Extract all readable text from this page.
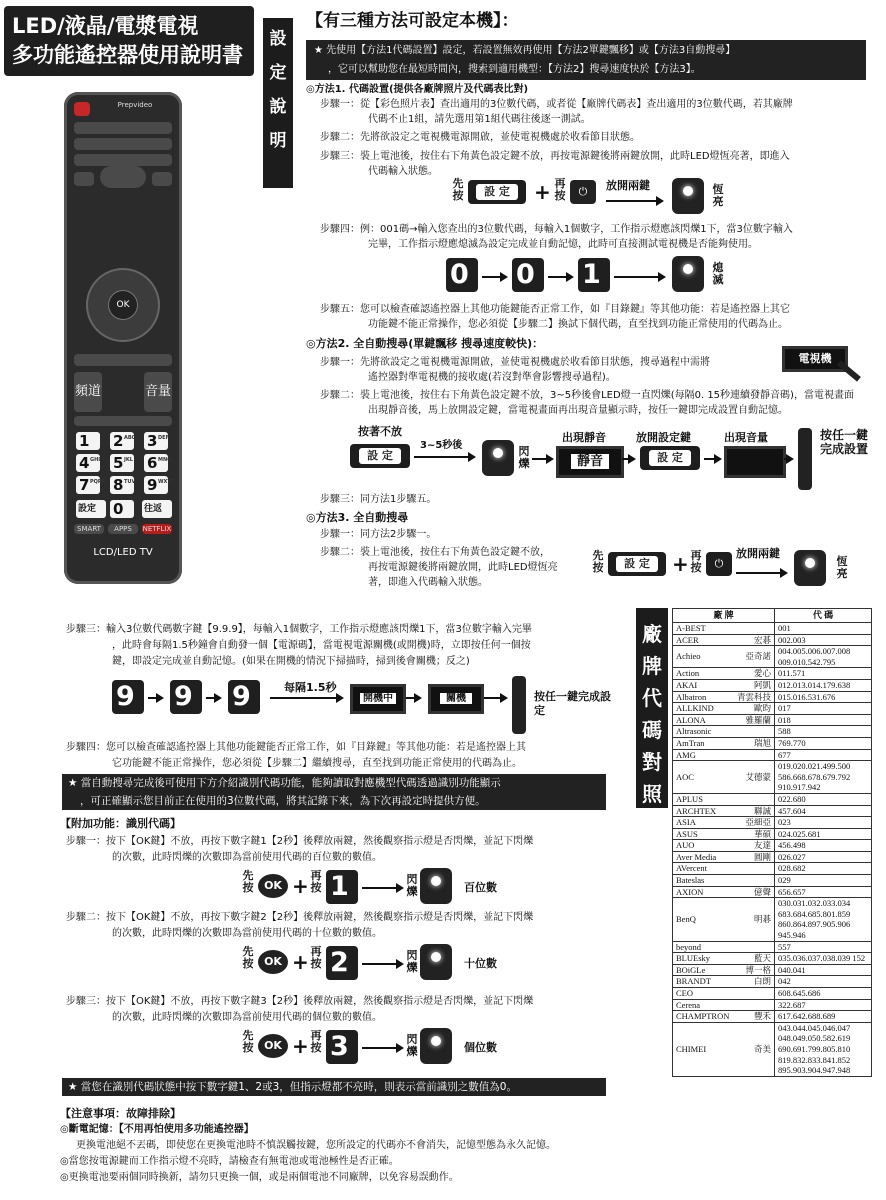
LED/液晶/電漿電視
多功能遙控器使用說明書
Prepvideo
OK
頻道	音量
1	2 ABC 3 DEF
4 GHI 5 JKL 6 MNO
7 PQRS 8 TUV 9 WXYZ
設定	0	往返
SMART	APPS	NETFLIX
LCD/LED TV
設
定
說
明
【有三種方法可設定本機】：
★ 先使用【方法1代碼設置】設定，若設置無效再使用【方法2單鍵飄移】或【方法3自動搜尋】
，它可以幫助您在最短時間內，搜索到適用機型：【方法2】搜尋速度快於【方法3】。
◎方法1. 代碼設置(提供各廠牌照片及代碼表比對)
步驟一：從【彩色照片表】查出適用的3位數代碼，或者從【廠牌代碼表】查出適用的3位數代碼，若其廠牌
代碼不止1組，請先選用第1組代碼往後逐一測試。
步驟二：先將欲設定之電視機電源開啟，並使電視機處於收看節目狀態。
步驟三：裝上電池後，按住右下角黃色設定鍵不放，再按電源鍵後將兩鍵放開，此時LED燈恆亮著，即進入
代碼輸入狀態。
先按	設 定	+ 再按	⏻	放開兩鍵	恆亮
步驟四：例：001碼→輸入您查出的3位數代碼，每輸入1個數字，工作指示燈應該閃爍1下，當3位數字輸入
完畢，工作指示燈應熄滅為設定完成並自動記憶，此時可直接測試電視機是否能夠使用。
0	0	1	熄滅
步驟五：您可以檢查確認遙控器上其他功能鍵能否正常工作，如『目錄鍵』等其他功能：若是遙控器上其它
功能鍵不能正常操作，您必須從【步驟二】換試下個代碼，直至找到功能正常使用的代碼為止。
◎方法2. 全自動搜尋(單鍵飄移 搜尋速度較快)：
電視機
步驟一：先將欲設定之電視機電源開啟，並使電視機處於收看節目狀態，搜尋過程中需將
遙控器對準電視機的接收處(若沒對準會影響搜尋過程)。
步驟二：裝上電池後，按住右下角黃色設定鍵不放，3~5秒後會LED燈一直閃爍(每隔0. 15秒連續發靜音碼)，當電視畫面
出現靜音後，馬上放開設定鍵，當電視畫面再出現音量顯示時，按任一鍵即完成設置自動記憶。
按著不放
設 定
3~5秒後	閃爍
出現靜音
靜音
放開設定鍵
設 定
出現音量	按任一鍵完成設置
步驟三：同方法1步驟五。
◎方法3. 全自動搜尋
步驟一：同方法2步驟一。
步驟二：裝上電池後，按住右下角黃色設定鍵不放，
再按電源鍵後將兩鍵放開，此時LED燈恆亮
著，即進入代碼輸入狀態。
先按	設 定	+ 再按	⏻
放開兩鍵
恆亮
步驟三：輸入3位數代碼數字鍵【9.9.9】，每輸入1個數字，工作指示燈應該閃爍1下，當3位數字輸入完畢
，此時會每隔1.5秒鐘會自動發一個【電源碼】，當電視電源關機(或開機)時，立即按任何一個按
鍵，即設定完成並自動記憶。(如果在開機的情況下掃描時，掃到後會關機；反之)
9	9	9	每隔1.5秒
開機中	關機	按任一鍵完成設定
步驟四：您可以檢查確認遙控器上其他功能鍵能否正常工作，如『目錄鍵』等其他功能：若是遙控器上其
它功能鍵不能正常操作，您必須從【步驟二】繼續搜尋，直至找到功能正常使用的代碼為止。
★ 當自動搜尋完成後可使用下方介紹識別代碼功能，能夠讀取對應機型代碼透過識別功能顯示
，可正確顯示您目前正在使用的3位數代碼，將其記錄下來，為下次再設定時提供方便。
【附加功能：識別代碼】
步驟一：按下【OK鍵】不放，再按下數字鍵1【2秒】後釋放兩鍵，然後觀察指示燈是否閃爍，並記下閃爍
的次數，此時閃爍的次數即為當前使用代碼的百位數的數值。
先按 OK + 再按 1	閃爍	百位數
步驟二：按下【OK鍵】不放，再按下數字鍵2【2秒】後釋放兩鍵，然後觀察指示燈是否閃爍，並記下閃爍
的次數，此時閃爍的次數即為當前使用代碼的十位數的數值。
先按 OK + 再按 2	閃爍	十位數
步驟三：按下【OK鍵】不放，再按下數字鍵3【2秒】後釋放兩鍵，然後觀察指示燈是否閃爍，並記下閃爍
的次數，此時閃爍的次數即為當前使用代碼的個位數的數值。
先按 OK + 再按 3	閃爍	個位數
★ 當您在識別代碼狀態中按下數字鍵1、2或3，但指示燈都不亮時，則表示當前識別之數值為0。
【注意事項：故障排除】
◎斷電記憶：【不用再怕使用多功能遙控器】
更換電池絕不丟碼，即使您在更換電池時不慎誤觸按鍵，您所設定的代碼亦不會消失，記憶型態為永久記憶。
◎當您按電源鍵而工作指示燈不亮時，請檢查有無電池或電池極性是否正確。
◎更換電池要兩個同時換新，請勿只更換一個，或是兩個電池不同廠牌，以免容易誤動作。
廠
牌
代
碼
對
照
表
廠 牌	代 碼
A-BEST	001
ACER 宏碁	002.003
Achieo 亞奇諾	004.005.006.007.008 009.010.542.795
Action 愛心	011.571
AKAI 阿凱	012.013.014.179.638
Albatron 青雲科技	015.016.531.676
ALLKIND 歐昀	017
ALONA 雅羅蘭	018
Altrasonic	588
AmTran 瑞旭	769.770
AMG	677
AOC 艾德蒙	019.020.021.499.500 586.668.678.679.792 910.917.942
APLUS	022.680
ARCHTEX 聯誠	457.604
ASIA 亞細亞	023
ASUS 華碩	024.025.681
AUO 友達	456.498
Aver Media 圓剛	026.027
AVercent	028.682
Bateslas	029
AXION 億聲	656.657
BenQ 明碁	030.031.032.033.034 683.684.685.801.859 860.864.897.905.906 945.946
beyond	557
BLUEsky 藍天	035.036.037.038.039 152
BOiGLe 博一格	040.041
BRANDT 白朗	042
CEO	608.645.686
Cerena	322.687
CHAMPTRON 豐禾	617.642.688.689
CHIMEI 奇美	043.044.045.046.047 048.049.050.582.619 690.691.799.805.810 819.832.833.841.852 895.903.904.947.948
